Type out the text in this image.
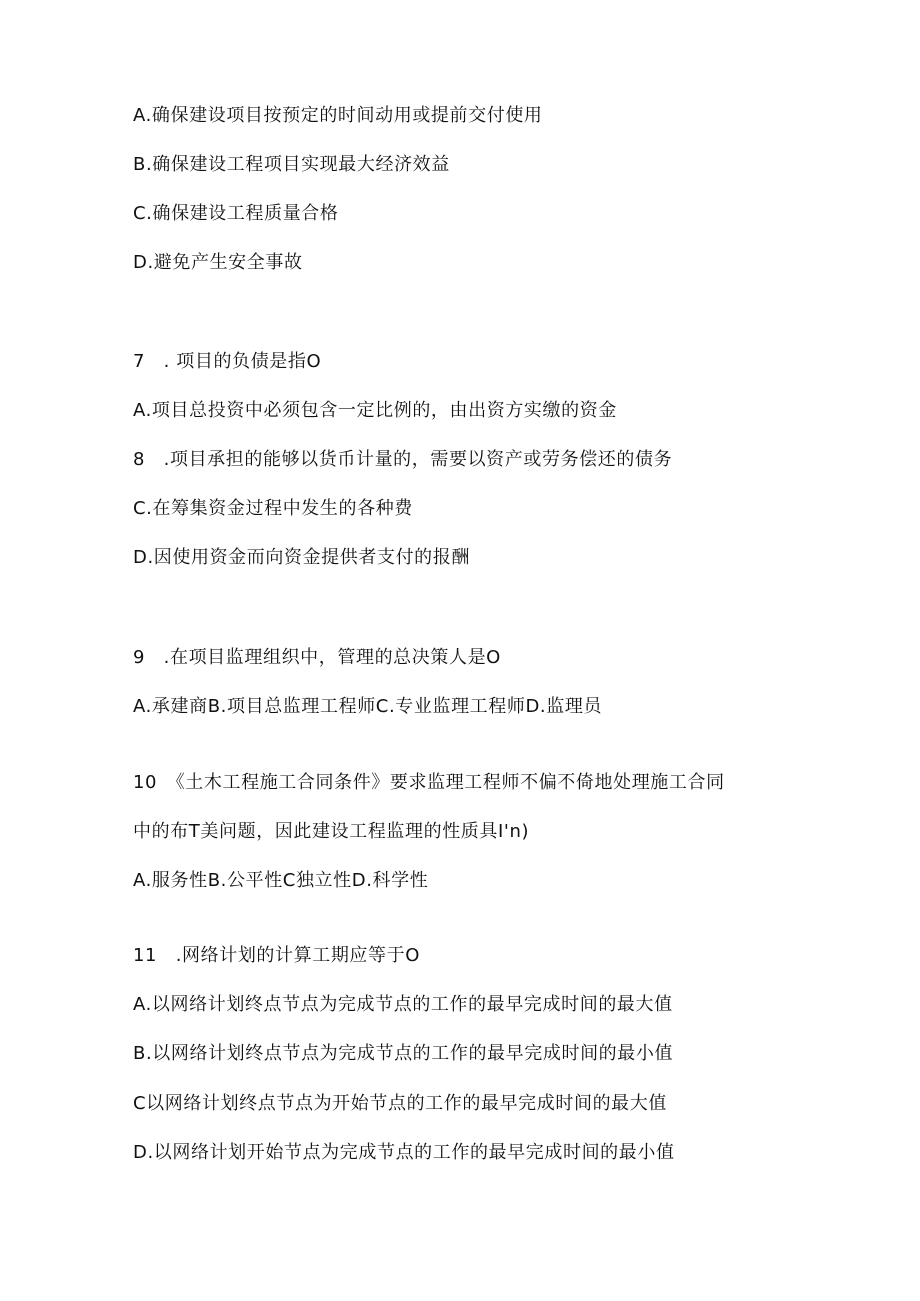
A.确保建设项目按预定的时间动用或提前交付使用
B.确保建设工程项目实现最大经济效益
C.确保建设工程质量合格
D.避免产生安全事故
7　. 项目的负债是指O
A.项目总投资中必须包含一定比例的，由出资方实缴的资金
8　.项目承担的能够以货币计量的，需要以资产或劳务偿还的债务
C.在筹集资金过程中发生的各种费
D.因使用资金而向资金提供者支付的报酬
9　.在项目监理组织中，管理的总决策人是O
A.承建商B.项目总监理工程师C.专业监理工程师D.监理员
10　《土木工程施工合同条件》要求监理工程师不偏不倚地处理施工合同
中的布T美问题，因此建设工程监理的性质具I'n)
A.服务性B.公平性C独立性D.科学性
11　.网络计划的计算工期应等于O
A.以网络计划终点节点为完成节点的工作的最早完成时间的最大值
B.以网络计划终点节点为完成节点的工作的最早完成时间的最小值
C以网络计划终点节点为开始节点的工作的最早完成时间的最大值
D.以网络计划开始节点为完成节点的工作的最早完成时间的最小值
